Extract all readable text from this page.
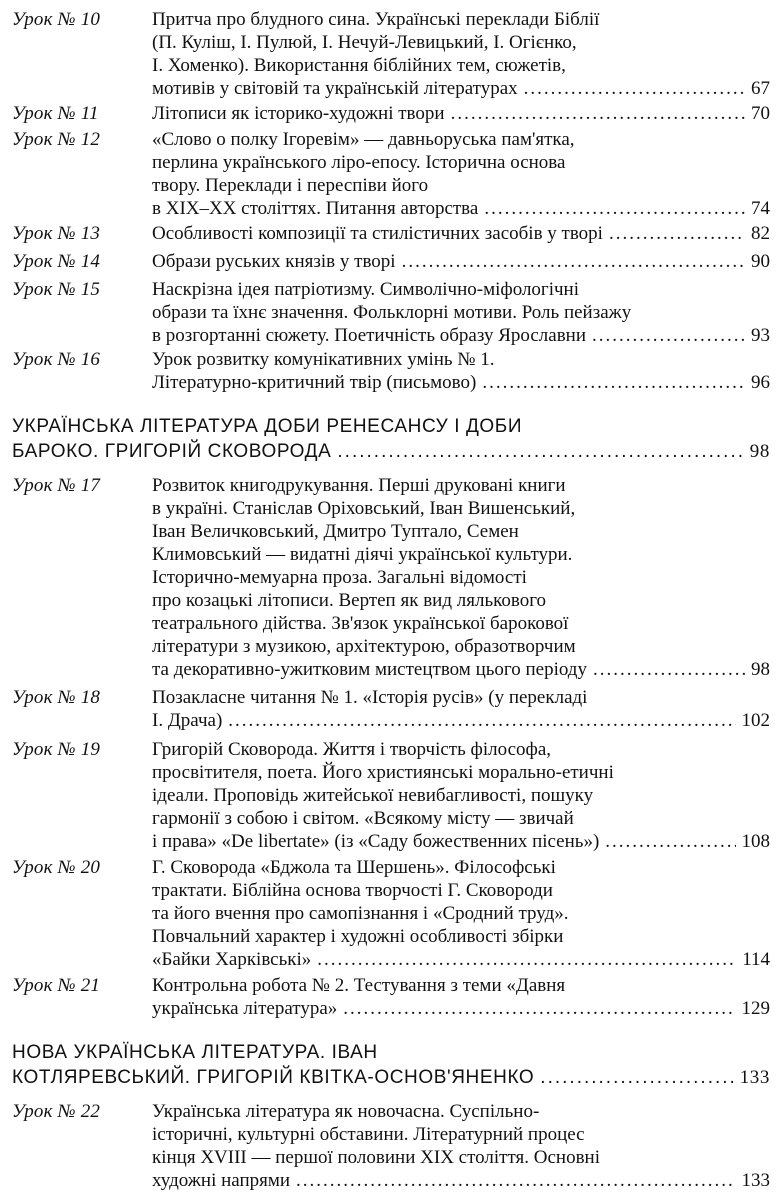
Урок № 10	Притча про блудного сина. Українські переклади Біблії
(П. Куліш, І. Пулюй, І. Нечуй-Левицький, І. Огієнко,
І. Хоменко). Використання біблійних тем, сюжетів,
мотивів у світовій та українській літературах .....	67
Урок № 11	Літописи як історико-художні твори .....	70
Урок № 12	«Слово о полку Ігоревім» — давньоруська пам'ятка,
перлина українського ліро-епосу. Історична основа
твору. Переклади і переспіви його
в XIX–XX століттях. Питання авторства .....	74
Урок № 13	Особливості композиції та стилістичних засобів у творі .....	82
Урок № 14	Образи руських князів у творі .....	90
Урок № 15	Наскрізна ідея патріотизму. Символічно-міфологічні
образи та їхнє значення. Фольклорні мотиви. Роль пейзажу
в розгортанні сюжету. Поетичність образу Ярославни .....	93
Урок № 16	Урок розвитку комунікативних умінь № 1.
Літературно-критичний твір (письмово) .....	96
УКРАЇНСЬКА ЛІТЕРАТУРА ДОБИ РЕНЕСАНСУ І ДОБИ
БАРОКО. ГРИГОРІЙ СКОВОРОДА .....	98
Урок № 17	Розвиток книгодрукування. Перші друковані книги
в україні. Станіслав Оріховський, Іван Вишенський,
Іван Величковський, Дмитро Туптало, Семен
Климовський — видатні діячі української культури.
Історично-мемуарна проза. Загальні відомості
про козацькі літописи. Вертеп як вид лялькового
театрального дійства. Зв'язок української барокової
літератури з музикою, архітектурою, образотворчим
та декоративно-ужитковим мистецтвом цього періоду .....	98
Урок № 18	Позакласне читання № 1. «Історія русів» (у перекладі
І. Драча) .....	102
Урок № 19	Григорій Сковорода. Життя і творчість філософа,
просвітителя, поета. Його християнські морально-етичні
ідеали. Проповідь житейської невибагливості, пошуку
гармонії з собою і світом. «Всякому місту — звичай
і права» «De libertate» (із «Саду божественних пісень») .....	108
Урок № 20	Г. Сковорода «Бджола та Шершень». Філософські
трактати. Біблійна основа творчості Г. Сковороди
та його вчення про самопізнання і «Сродний труд».
Повчальний характер і художні особливості збірки
«Байки Харківські» .....	114
Урок № 21	Контрольна робота № 2. Тестування з теми «Давня
українська література» .....	129
НОВА УКРАЇНСЬКА ЛІТЕРАТУРА. ІВАН
КОТЛЯРЕВСЬКИЙ. ГРИГОРІЙ КВІТКА-ОСНОВ'ЯНЕНКО .....	133
Урок № 22	Українська література як новочасна. Суспільно-
історичні, культурні обставини. Літературний процес
кінця XVIII — першої половини XIX століття. Основні
художні напрями .....	133
